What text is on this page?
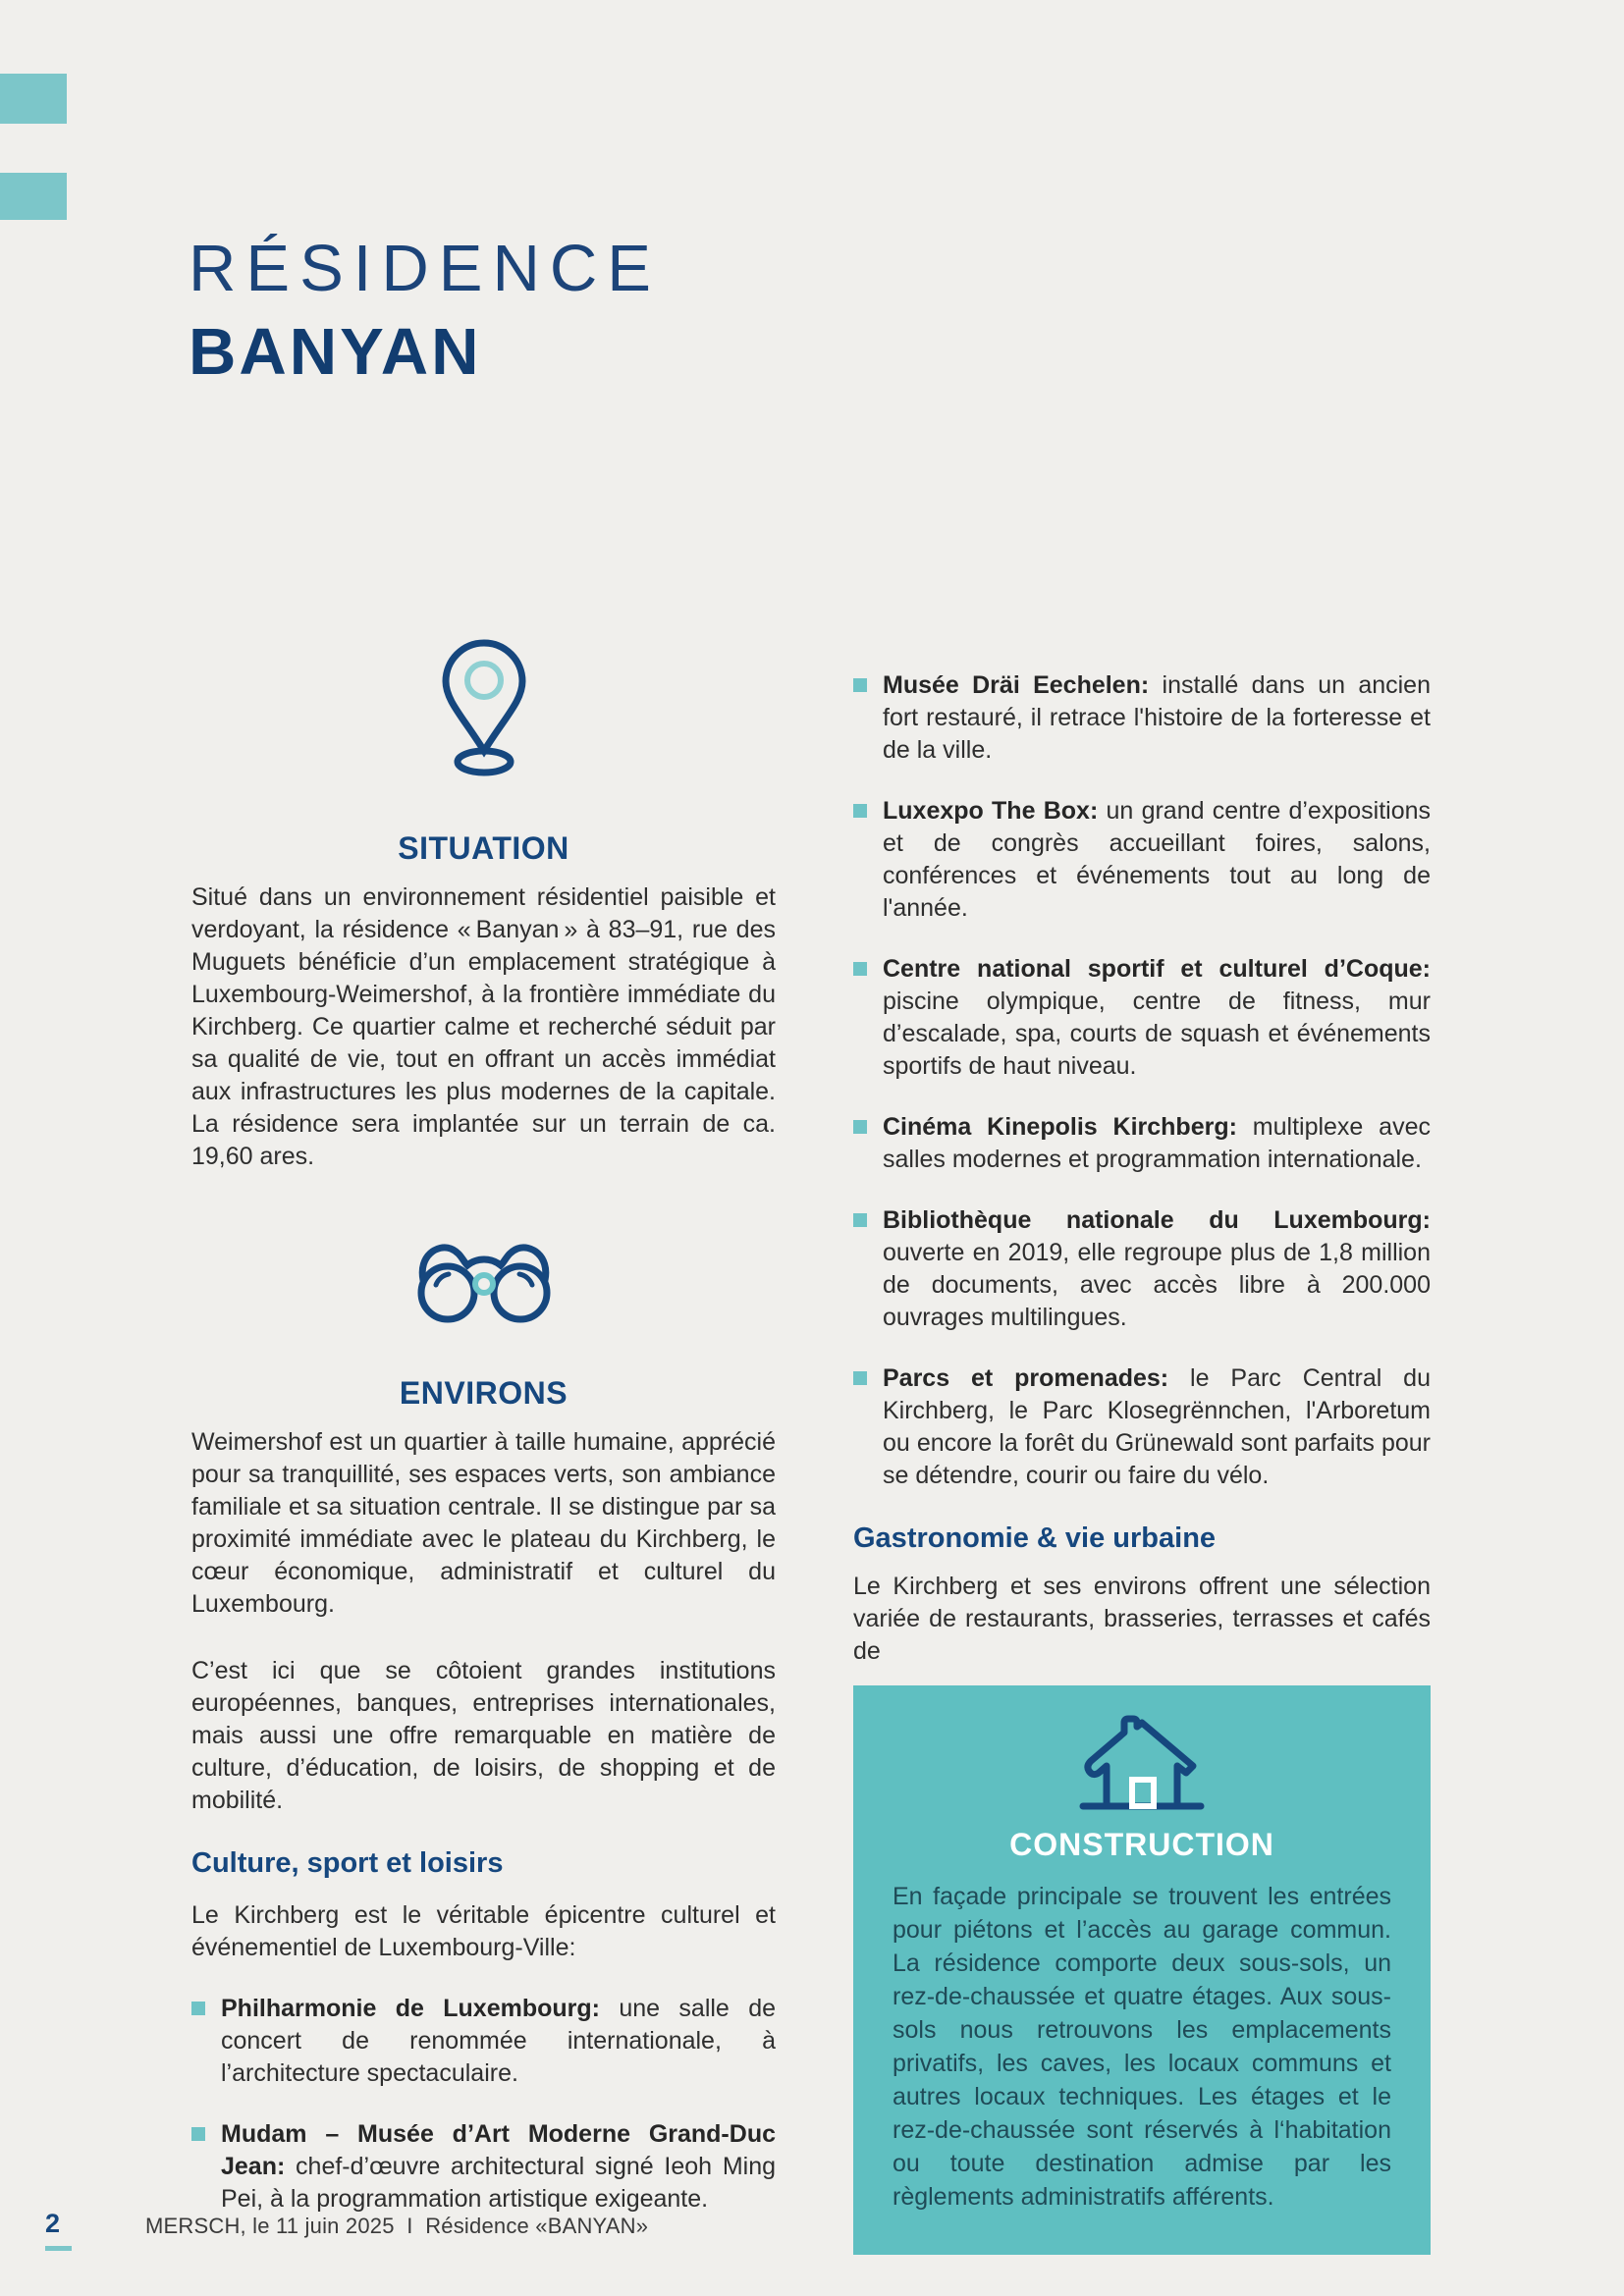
RÉSIDENCE
BANYAN
SITUATION

Situé dans un environnement résidentiel paisible et verdoyant, la résidence « Banyan » à 83–91, rue des Muguets bénéficie d’un emplacement stratégique à Luxembourg-Weimershof, à la frontière immédiate du Kirchberg. Ce quartier calme et recherché séduit par sa qualité de vie, tout en offrant un accès immédiat aux infrastructures les plus modernes de la capitale. La résidence sera implantée sur un terrain de ca. 19,60 ares.

ENVIRONS

Weimershof est un quartier à taille humaine, apprécié pour sa tranquillité, ses espaces verts, son ambiance familiale et sa situation centrale. Il se distingue par sa proximité immédiate avec le plateau du Kirchberg, le cœur économique, administratif et culturel du Luxembourg.

C’est ici que se côtoient grandes institutions européennes, banques, entreprises internationales, mais aussi une offre remarquable en matière de culture, d’éducation, de loisirs, de shopping et de mobilité.

Culture, sport et loisirs

Le Kirchberg est le véritable épicentre culturel et événementiel de Luxembourg-Ville:

Philharmonie de Luxembourg: une salle de concert de renommée internationale, à l’architecture spectaculaire.

Mudam – Musée d’Art Moderne Grand-Duc Jean: chef-d’œuvre architectural signé Ieoh Ming Pei, à la programmation artistique exigeante.

Musée Dräi Eechelen: installé dans un ancien fort restauré, il retrace l'histoire de la forteresse et de la ville.

Luxexpo The Box: un grand centre d’expositions et de congrès accueillant foires, salons, conférences et événements tout au long de l'année.

Centre national sportif et culturel d’Coque: piscine olympique, centre de fitness, mur d’escalade, spa, courts de squash et événements sportifs de haut niveau.

Cinéma Kinepolis Kirchberg: multiplexe avec salles modernes et programmation internationale.

Bibliothèque nationale du Luxembourg: ouverte en 2019, elle regroupe plus de 1,8 million de documents, avec accès libre à 200.000 ouvrages multilingues.

Parcs et promenades: le Parc Central du Kirchberg, le Parc Klosegrënnchen, l'Arboretum ou encore la forêt du Grünewald sont parfaits pour se détendre, courir ou faire du vélo.

Gastronomie & vie urbaine

Le Kirchberg et ses environs offrent une sélection variée de restaurants, brasseries, terrasses et cafés de

CONSTRUCTION

En façade principale se trouvent les entrées pour piétons et l’accès au garage commun. La résidence comporte deux sous-sols, un rez-de-chaussée et quatre étages. Aux sous-sols nous retrouvons les emplacements privatifs, les caves, les locaux communs et autres locaux techniques. Les étages et le rez-de-chaussée sont réservés à l‘habitation ou toute destination admise par les règlements administratifs afférents.

2	MERSCH, le 11 juin 2025  I  Résidence «BANYAN»
